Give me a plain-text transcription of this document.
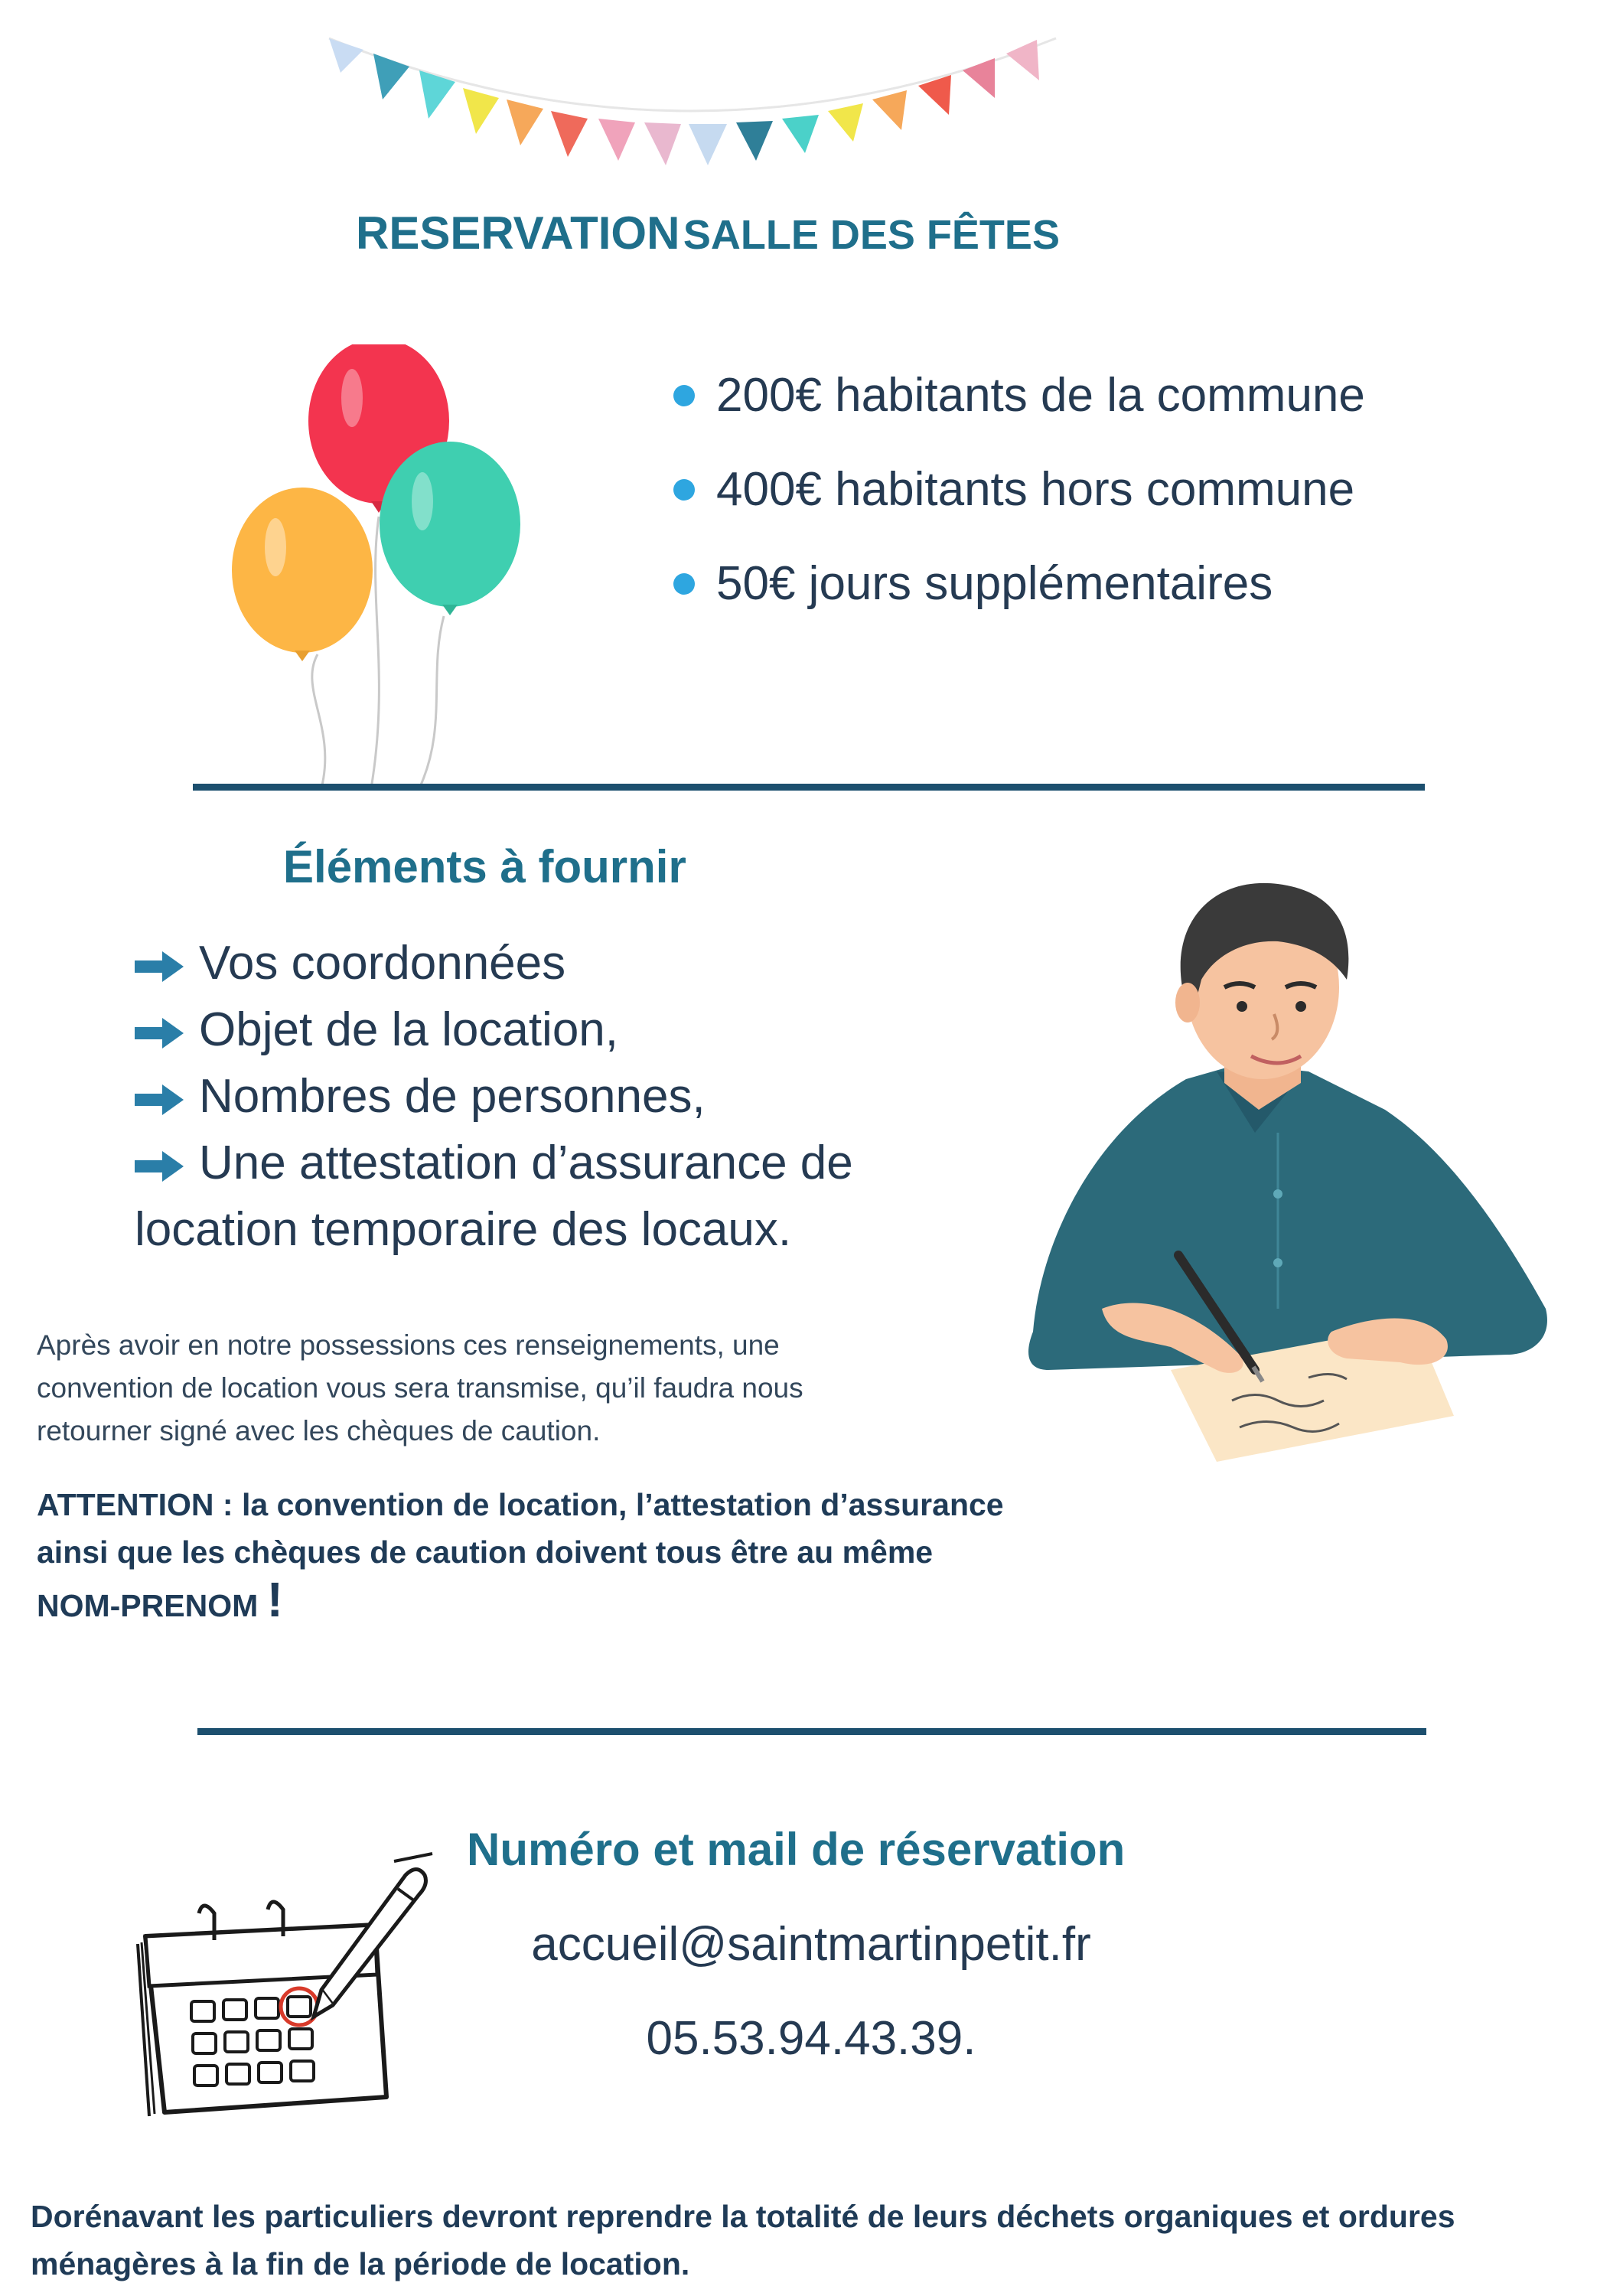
RESERVATION SALLE DES FÊTES
200€ habitants de la commune
400€ habitants hors commune
50€ jours supplémentaires
Éléments à fournir
Vos coordonnées
Objet de la location,
Nombres de personnes,
Une attestation d’assurance de
location temporaire des locaux.
Après avoir en notre possessions ces renseignements, une convention de location vous sera transmise, qu’il faudra nous retourner signé avec les chèques de caution.
ATTENTION : la convention de location, l’attestation d’assurance ainsi que les chèques de caution doivent tous être au même NOM-PRENOM !
Numéro et mail de réservation
accueil@saintmartinpetit.fr
05.53.94.43.39.
Dorénavant les particuliers devront reprendre la totalité de leurs déchets organiques et ordures ménagères à la fin de la période de location.
